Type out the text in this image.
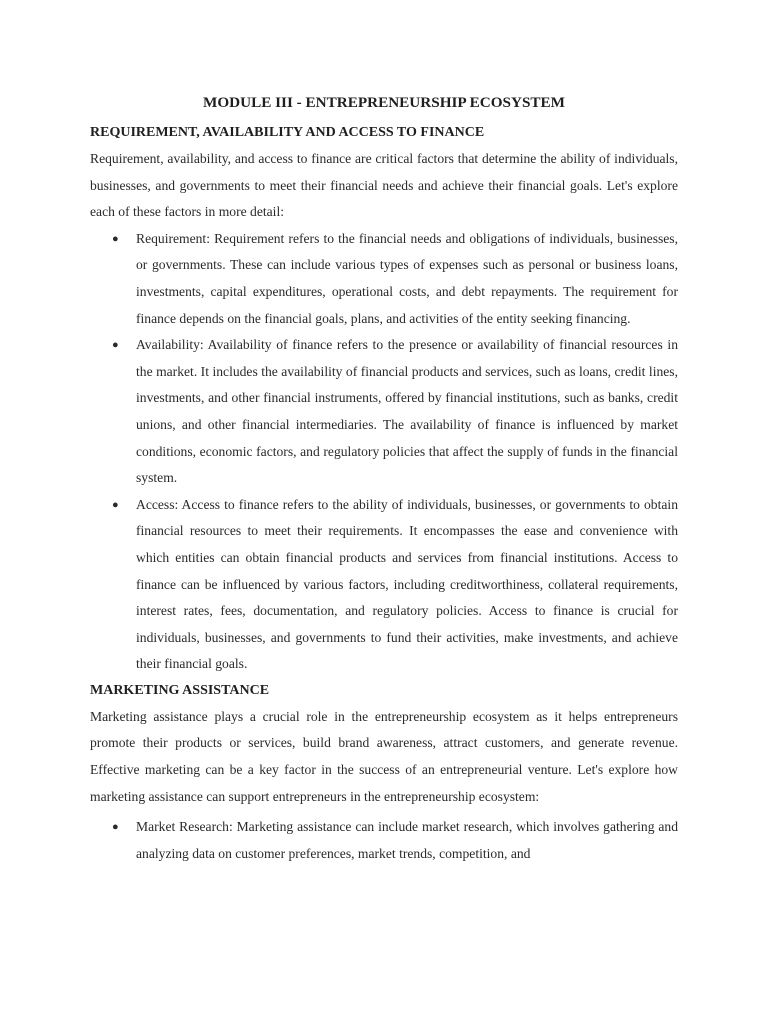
MODULE III - ENTREPRENEURSHIP ECOSYSTEM
REQUIREMENT, AVAILABILITY AND ACCESS TO FINANCE

Requirement, availability, and access to finance are critical factors that determine the ability of individuals, businesses, and governments to meet their financial needs and achieve their financial goals. Let's explore each of these factors in more detail:

● Requirement: Requirement refers to the financial needs and obligations of individuals, businesses, or governments. These can include various types of expenses such as personal or business loans, investments, capital expenditures, operational costs, and debt repayments. The requirement for finance depends on the financial goals, plans, and activities of the entity seeking financing.
● Availability: Availability of finance refers to the presence or availability of financial resources in the market. It includes the availability of financial products and services, such as loans, credit lines, investments, and other financial instruments, offered by financial institutions, such as banks, credit unions, and other financial intermediaries. The availability of finance is influenced by market conditions, economic factors, and regulatory policies that affect the supply of funds in the financial system.
● Access: Access to finance refers to the ability of individuals, businesses, or governments to obtain financial resources to meet their requirements. It encompasses the ease and convenience with which entities can obtain financial products and services from financial institutions. Access to finance can be influenced by various factors, including creditworthiness, collateral requirements, interest rates, fees, documentation, and regulatory policies. Access to finance is crucial for individuals, businesses, and governments to fund their activities, make investments, and achieve their financial goals.
MARKETING ASSISTANCE

Marketing assistance plays a crucial role in the entrepreneurship ecosystem as it helps entrepreneurs promote their products or services, build brand awareness, attract customers, and generate revenue. Effective marketing can be a key factor in the success of an entrepreneurial venture. Let's explore how marketing assistance can support entrepreneurs in the entrepreneurship ecosystem:

● Market Research: Marketing assistance can include market research, which involves gathering and analyzing data on customer preferences, market trends, competition, and
